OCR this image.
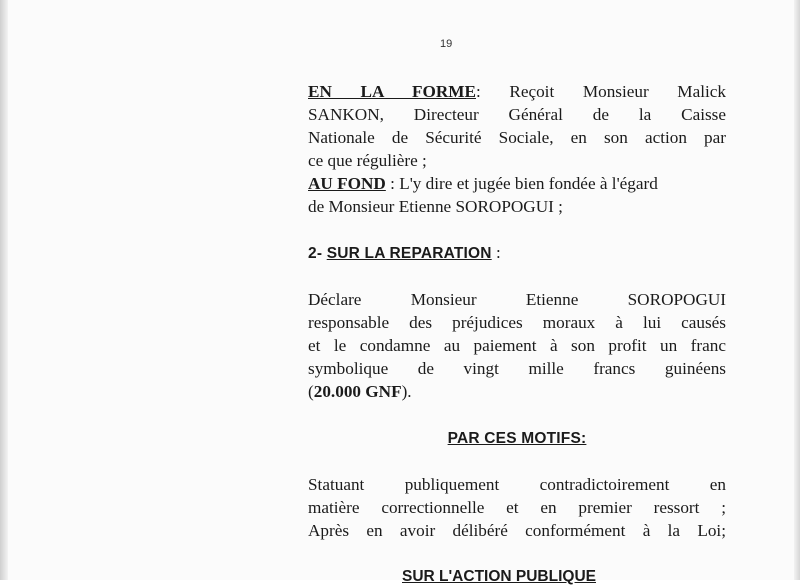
19
EN LA FORME: Reçoit Monsieur Malick
SANKON, Directeur Général de la Caisse
Nationale de Sécurité Sociale, en son action par
ce que régulière ;
AU FOND : L'y dire et jugée bien fondée à l'égard
de Monsieur Etienne SOROPOGUI ;
2- SUR LA REPARATION :
Déclare Monsieur Etienne SOROPOGUI
responsable des préjudices moraux à lui causés
et le condamne au paiement à son profit un franc
symbolique de vingt mille francs guinéens
(20.000 GNF).
PAR CES MOTIFS:
Statuant publiquement contradictoirement en
matière correctionnelle et en premier ressort ;
Après en avoir délibéré conformément à la Loi;
SUR L'ACTION PUBLIQUE
